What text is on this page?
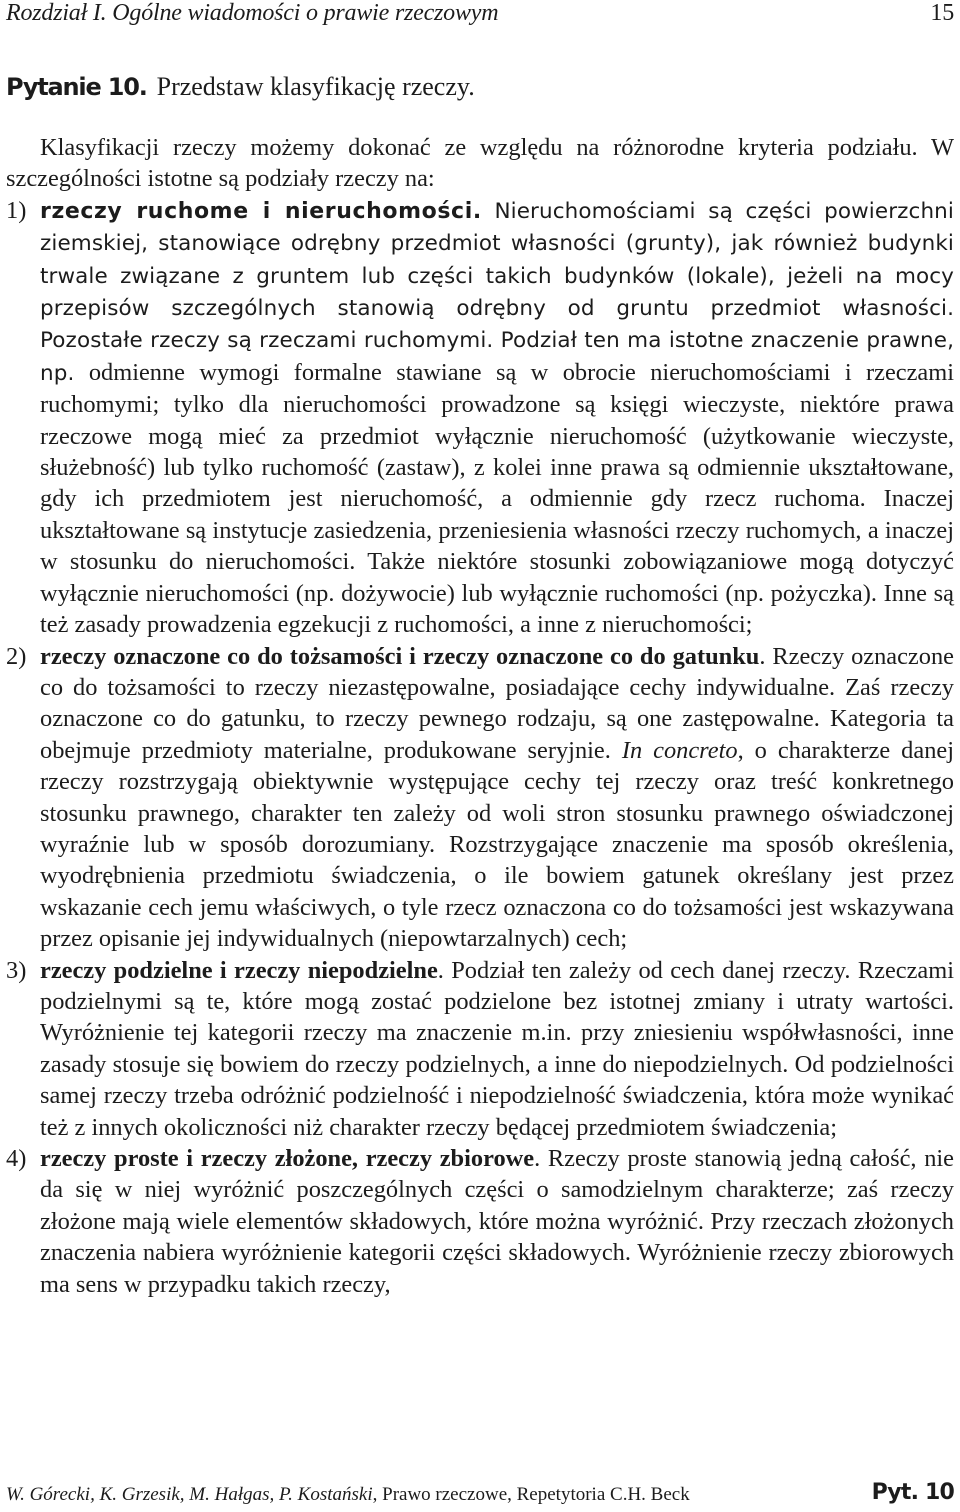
Rozdział I. Ogólne wiadomości o prawie rzeczowym	15
Pytanie 10. Przedstaw klasyfikację rzeczy.

Klasyfikacji rzeczy możemy dokonać ze względu na różnorodne kryteria podziału. W szczególności istotne są podziały rzeczy na:

1) rzeczy ruchome i nieruchomości. Nieruchomościami są części powierzchni ziemskiej, stanowiące odrębny przedmiot własności (grunty), jak również budynki trwale związane z gruntem lub części takich budynków (lokale), jeżeli na mocy przepisów szczególnych stanowią odrębny od gruntu przedmiot własności. Pozostałe rzeczy są rzeczami ruchomymi. Podział ten ma istotne znaczenie prawne, np. odmienne wymogi formalne stawiane są w obrocie nieruchomościami i rzeczami ruchomymi; tylko dla nieruchomości prowadzone są księgi wieczyste, niektóre prawa rzeczowe mogą mieć za przedmiot wyłącznie nieruchomość (użytkowanie wieczyste, służebność) lub tylko ruchomość (zastaw), z kolei inne prawa są odmiennie ukształtowane, gdy ich przedmiotem jest nieruchomość, a odmiennie gdy rzecz ruchoma. Inaczej ukształtowane są instytucje zasiedzenia, przeniesienia własności rzeczy ruchomych, a inaczej w stosunku do nieruchomości. Także niektóre stosunki zobowiązaniowe mogą dotyczyć wyłącznie nieruchomości (np. dożywocie) lub wyłącznie ruchomości (np. pożyczka). Inne są też zasady prowadzenia egzekucji z ruchomości, a inne z nieruchomości;
2) rzeczy oznaczone co do tożsamości i rzeczy oznaczone co do gatunku. Rzeczy oznaczone co do tożsamości to rzeczy niezastępowalne, posiadające cechy indywidualne. Zaś rzeczy oznaczone co do gatunku, to rzeczy pewnego rodzaju, są one zastępowalne. Kategoria ta obejmuje przedmioty materialne, produkowane seryjnie. In concreto, o charakterze danej rzeczy rozstrzygają obiektywnie występujące cechy tej rzeczy oraz treść konkretnego stosunku prawnego, charakter ten zależy od woli stron stosunku prawnego oświadczonej wyraźnie lub w sposób dorozumiany. Rozstrzygające znaczenie ma sposób określenia, wyodrębnienia przedmiotu świadczenia, o ile bowiem gatunek określany jest przez wskazanie cech jemu właściwych, o tyle rzecz oznaczona co do tożsamości jest wskazywana przez opisanie jej indywidualnych (niepowtarzalnych) cech;
3) rzeczy podzielne i rzeczy niepodzielne. Podział ten zależy od cech danej rzeczy. Rzeczami podzielnymi są te, które mogą zostać podzielone bez istotnej zmiany i utraty wartości. Wyróżnienie tej kategorii rzeczy ma znaczenie m.in. przy zniesieniu współwłasności, inne zasady stosuje się bowiem do rzeczy podzielnych, a inne do niepodzielnych. Od podzielności samej rzeczy trzeba odróżnić podzielność i niepodzielność świadczenia, która może wynikać też z innych okoliczności niż charakter rzeczy będącej przedmiotem świadczenia;
4) rzeczy proste i rzeczy złożone, rzeczy zbiorowe. Rzeczy proste stanowią jedną całość, nie da się w niej wyróżnić poszczególnych części o samodzielnym charakterze; zaś rzeczy złożone mają wiele elementów składowych, które można wyróżnić. Przy rzeczach złożonych znaczenia nabiera wyróżnienie kategorii części składowych. Wyróżnienie rzeczy zbiorowych ma sens w przypadku takich rzeczy,
W. Górecki, K. Grzesik, M. Hałgas, P. Kostański, Prawo rzeczowe, Repetytoria C.H. Beck	Pyt. 10
